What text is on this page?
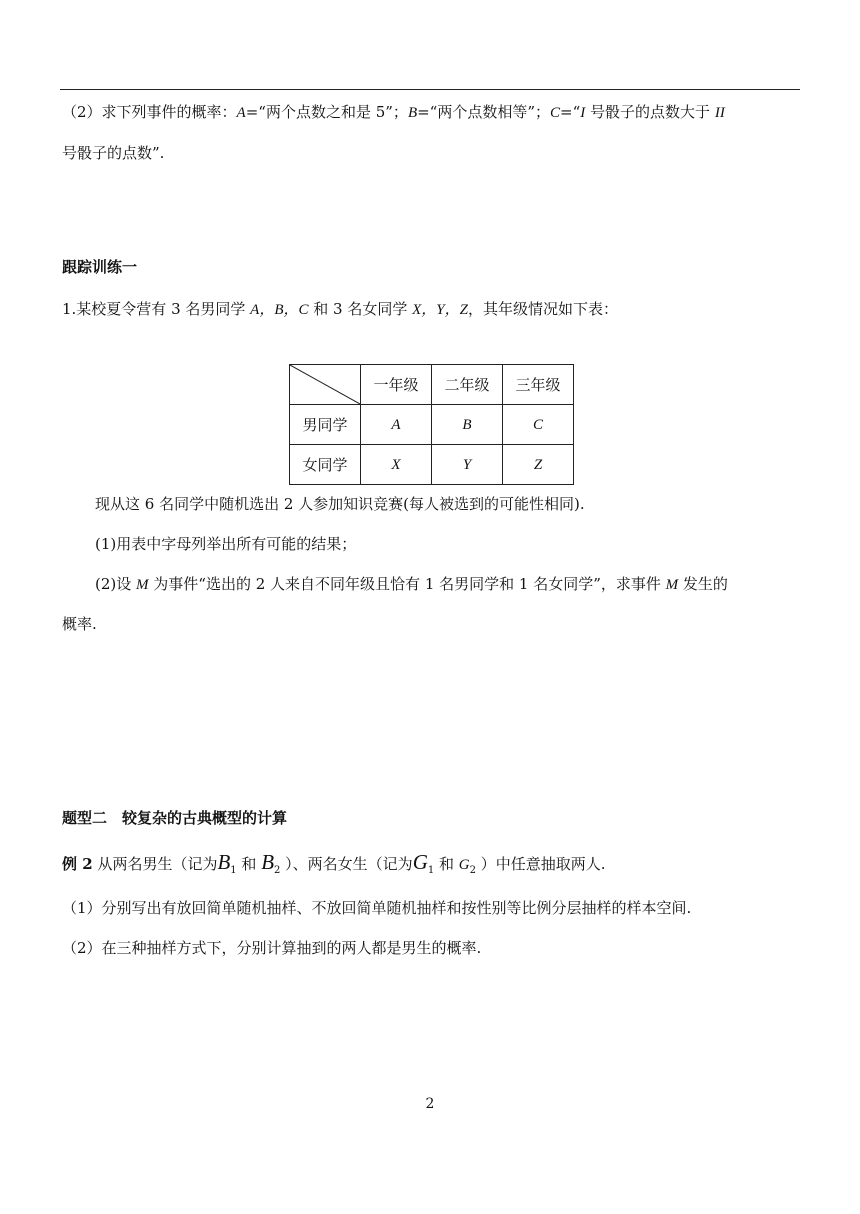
（2）求下列事件的概率：A=“两个点数之和是 5”；B=“两个点数相等”；C=“I 号骰子的点数大于 II
号骰子的点数”.
跟踪训练一
1.某校夏令营有 3 名男同学 A，B，C 和 3 名女同学 X，Y，Z，其年级情况如下表：
	一年级	二年级	三年级
男同学	A	B	C
女同学	X	Y	Z
现从这 6 名同学中随机选出 2 人参加知识竞赛(每人被选到的可能性相同).
(1)用表中字母列举出所有可能的结果；
(2)设 M 为事件“选出的 2 人来自不同年级且恰有 1 名男同学和 1 名女同学”，求事件 M 发生的
概率.
题型二　较复杂的古典概型的计算
例 2 从两名男生（记为$B_1$ 和 $B_2$ ）、两名女生（记为$G_1$ 和 $G_2$ ）中任意抽取两人.
（1）分别写出有放回简单随机抽样、不放回简单随机抽样和按性别等比例分层抽样的样本空间.
（2）在三种抽样方式下，分别计算抽到的两人都是男生的概率.
2
